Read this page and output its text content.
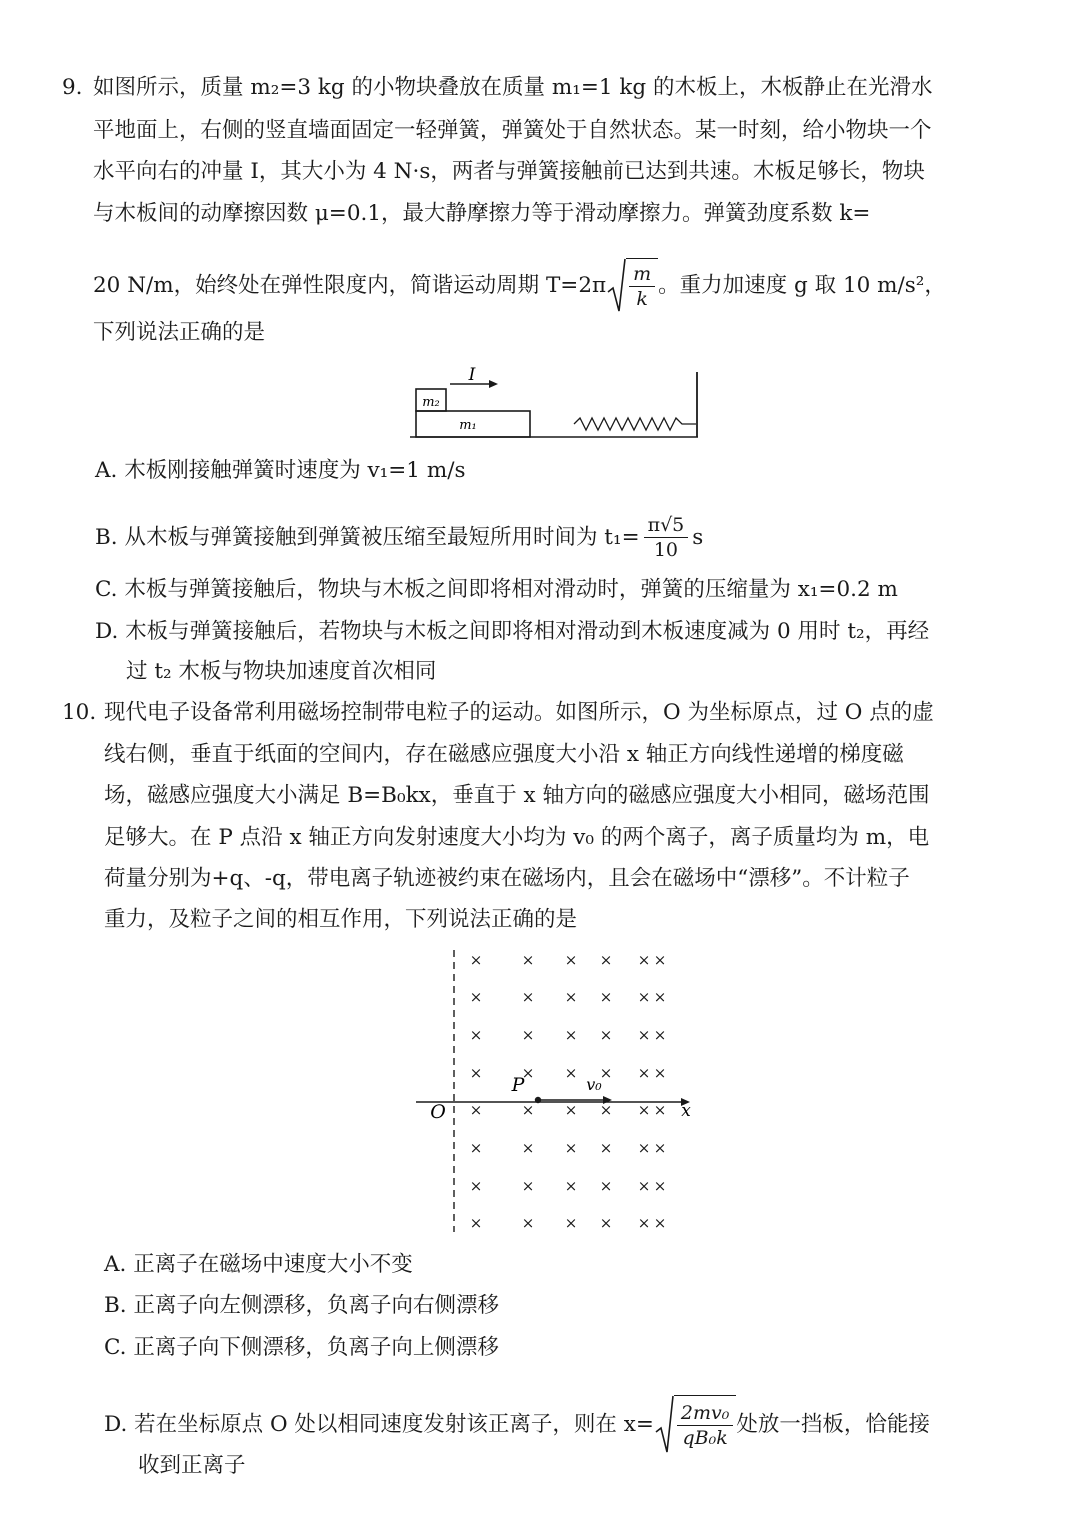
9. 如图所示，质量 m₂=3 kg 的小物块叠放在质量 m₁=1 kg 的木板上，木板静止在光滑水
平地面上，右侧的竖直墙面固定一轻弹簧，弹簧处于自然状态。某一时刻，给小物块一个
水平向右的冲量 I，其大小为 4 N·s，两者与弹簧接触前已达到共速。木板足够长，物块
与木板间的动摩擦因数 μ=0.1，最大静摩擦力等于滑动摩擦力。弹簧劲度系数 k=
20 N/m，始终处在弹性限度内，简谐运动周期 $T=2\pi \frac{m}{k}$ 。重力加速度 g 取 10 m/s²，
下列说法正确的是
I
m₂
m₁
A. 木板刚接触弹簧时速度为 v₁=1 m/s
B. 从木板与弹簧接触到弹簧被压缩至最短所用时间为 $t_1= \frac{\pi√5}{10}$ s
C. 木板与弹簧接触后，物块与木板之间即将相对滑动时，弹簧的压缩量为 x₁=0.2 m
D. 木板与弹簧接触后，若物块与木板之间即将相对滑动到木板速度减为 0 用时 t₂，再经
过 t₂ 木板与物块加速度首次相同
10. 现代电子设备常利用磁场控制带电粒子的运动。如图所示，O 为坐标原点，过 O 点的虚
线右侧，垂直于纸面的空间内，存在磁感应强度大小沿 x 轴正方向线性递增的梯度磁
场，磁感应强度大小满足 B=B₀kx，垂直于 x 轴方向的磁感应强度大小相同，磁场范围
足够大。在 P 点沿 x 轴正方向发射速度大小均为 v₀ 的两个离子，离子质量均为 m，电
荷量分别为+q、-q，带电离子轨迹被约束在磁场内，且会在磁场中“漂移”。不计粒子
重力，及粒子之间的相互作用，下列说法正确的是
O
P	v₀
x
×	× × × × ×
×	× × × × ×
×	× × × × ×
×	× × × × ×
×	× × × × ×
×	× × × × ×
×	× × × × ×
×	× × × × ×
A. 正离子在磁场中速度大小不变
B. 正离子向左侧漂移，负离子向右侧漂移
C. 正离子向下侧漂移，负离子向上侧漂移
D. 若在坐标原点 O 处以相同速度发射该正离子，则在 $x= \frac{\text{2mv₀}}{\text{qB₀k}}$ 处放一挡板，恰能接
收到正离子
